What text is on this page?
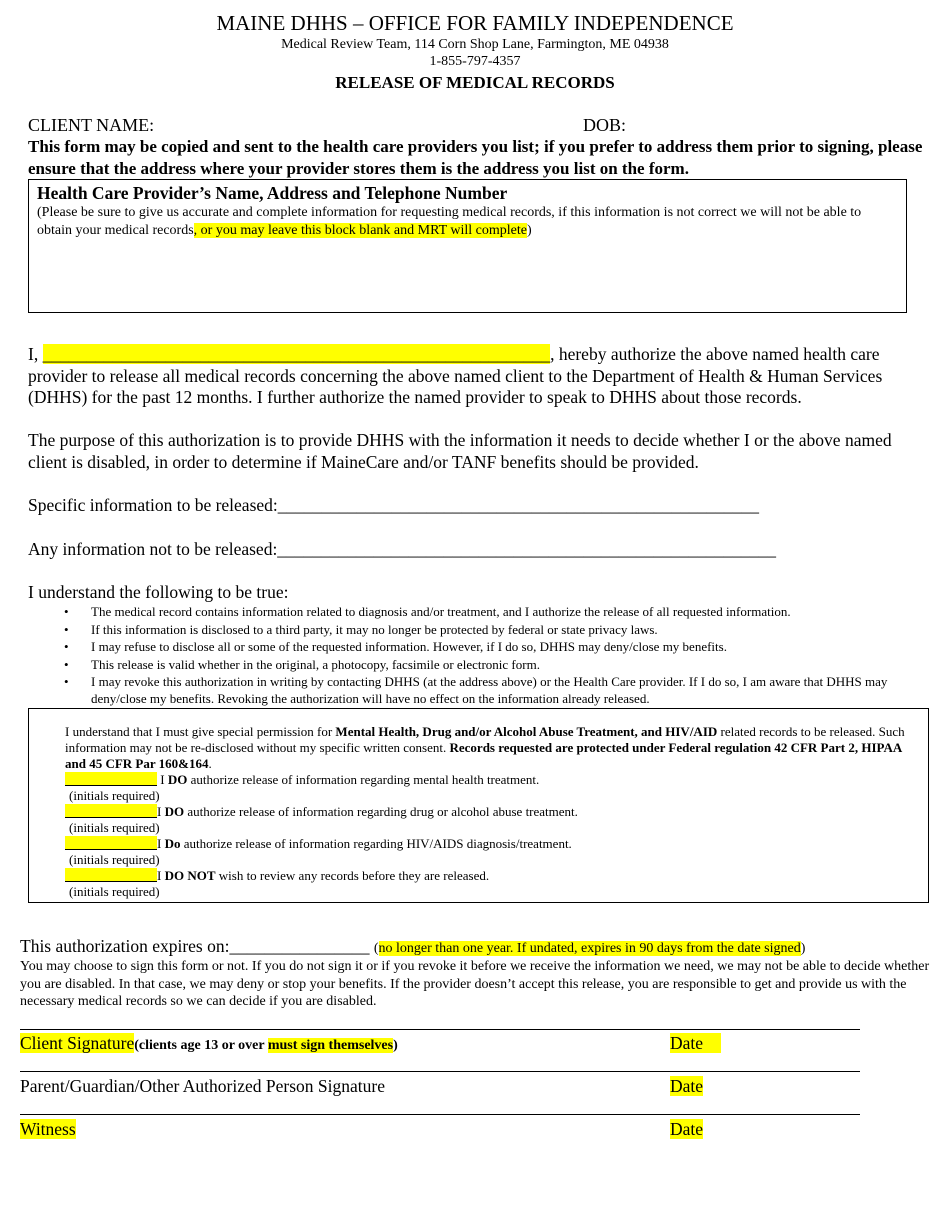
MAINE DHHS – OFFICE FOR FAMILY INDEPENDENCE
Medical Review Team, 114 Corn Shop Lane, Farmington, ME 04938
1-855-797-4357
RELEASE OF MEDICAL RECORDS
CLIENT NAME:	DOB:
This form may be copied and sent to the health care providers you list; if you prefer to address them prior to signing, please ensure that the address where your provider stores them is the address you list on the form.
Health Care Provider’s Name, Address and Telephone Number
(Please be sure to give us accurate and complete information for requesting medical records, if this information is not correct we will not be able to obtain your medical records, or you may leave this block blank and MRT will complete)
I, __________________________________________________________, hereby authorize the above named health care provider to release all medical records concerning the above named client to the Department of Health & Human Services (DHHS) for the past 12 months. I further authorize the named provider to speak to DHHS about those records.
The purpose of this authorization is to provide DHHS with the information it needs to decide whether I or the above named client is disabled, in order to determine if MaineCare and/or TANF benefits should be provided.
Specific information to be released:_______________________________________________________
Any information not to be released:_________________________________________________________
I understand the following to be true:
• The medical record contains information related to diagnosis and/or treatment, and I authorize the release of all requested information.
• If this information is disclosed to a third party, it may no longer be protected by federal or state privacy laws.
• I may refuse to disclose all or some of the requested information. However, if I do so, DHHS may deny/close my benefits.
• This release is valid whether in the original, a photocopy, facsimile or electronic form.
• I may revoke this authorization in writing by contacting DHHS (at the address above) or the Health Care provider. If I do so, I am aware that DHHS may deny/close my benefits. Revoking the authorization will have no effect on the information already released.
I understand that I must give special permission for Mental Health, Drug and/or Alcohol Abuse Treatment, and HIV/AID related records to be released. Such information may not be re-disclosed without my specific written consent. Records requested are protected under Federal regulation 42 CFR Part 2, HIPAA and 45 CFR Par 160&164.
I DO authorize release of information regarding mental health treatment.
(initials required)
I DO authorize release of information regarding drug or alcohol abuse treatment.
(initials required)
I Do authorize release of information regarding HIV/AIDS diagnosis/treatment.
(initials required)
I DO NOT wish to review any records before they are released.
(initials required)
This authorization expires on:________________ (no longer than one year. If undated, expires in 90 days from the date signed)
You may choose to sign this form or not. If you do not sign it or if you revoke it before we receive the information we need, we may not be able to decide whether you are disabled. In that case, we may deny or stop your benefits. If the provider doesn’t accept this release, you are responsible to get and provide us with the necessary medical records so we can decide if you are disabled.
Client Signature(clients age 13 or over must sign themselves)	Date
Parent/Guardian/Other Authorized Person Signature	Date
Witness	Date
